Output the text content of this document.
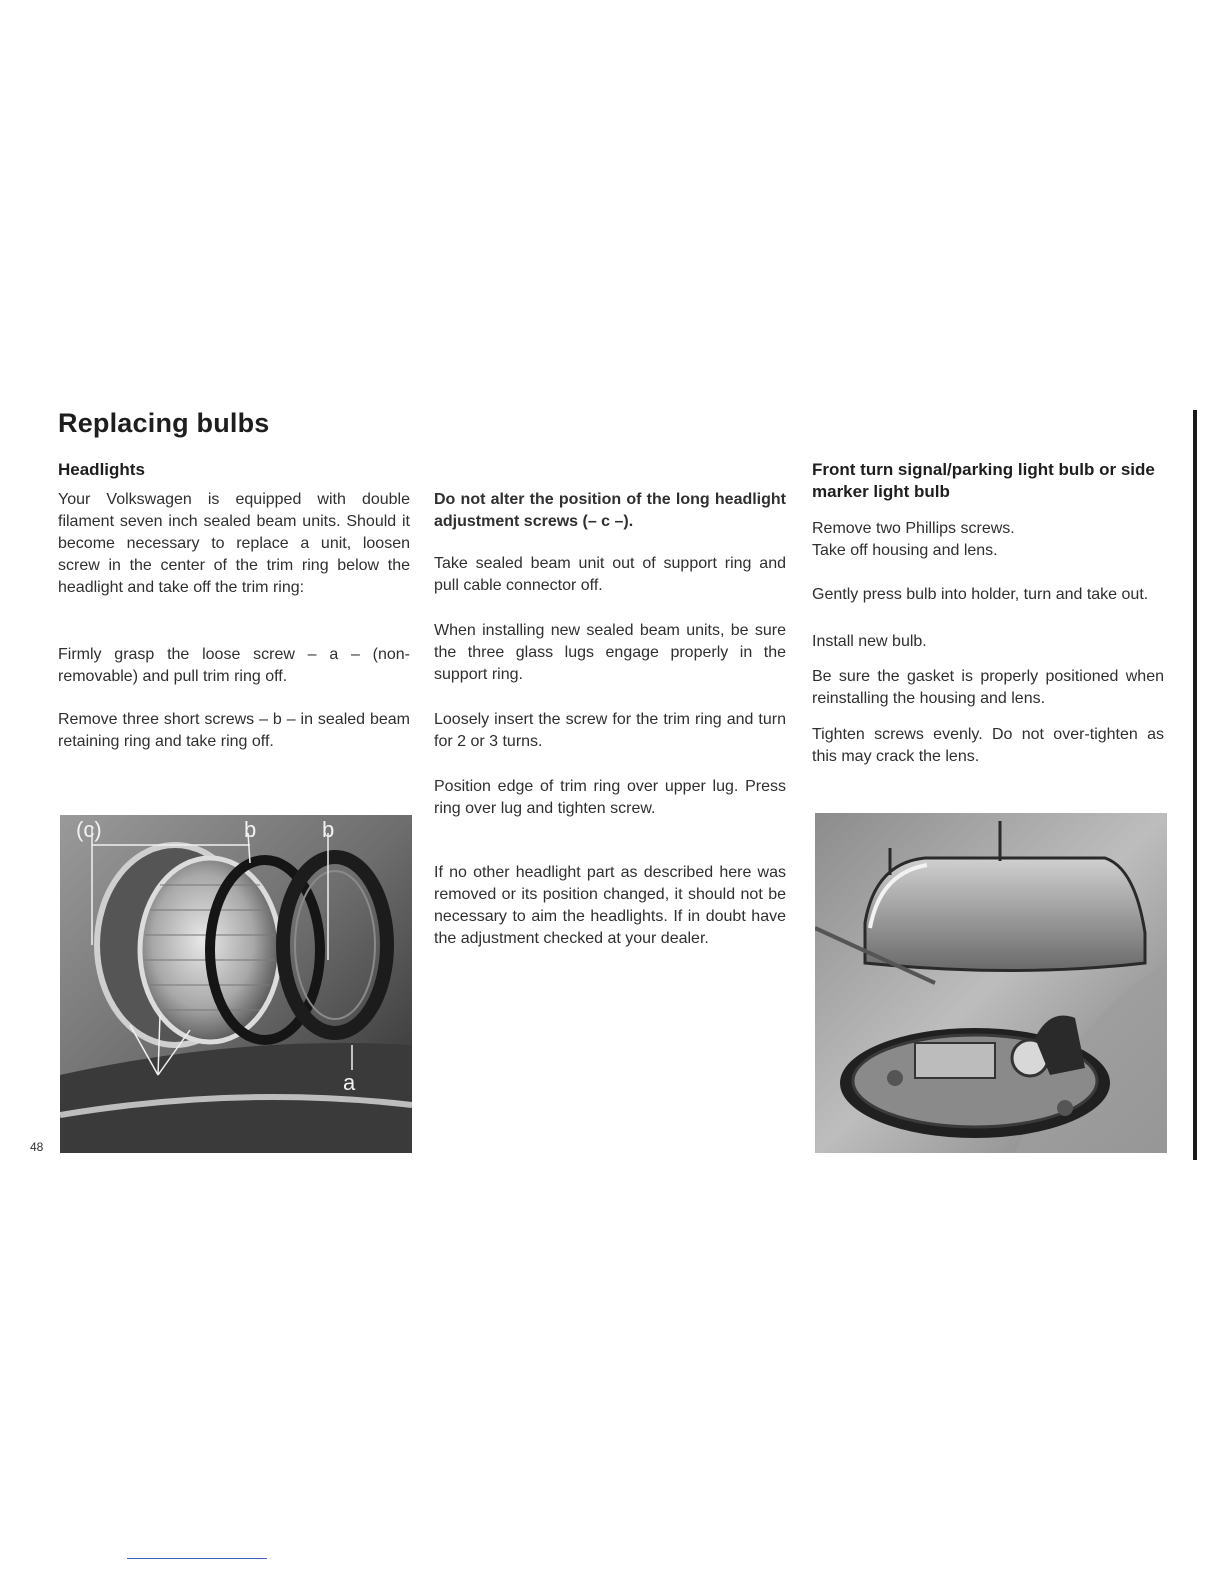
Replacing bulbs
Headlights

Your Volkswagen is equipped with double filament seven inch sealed beam units. Should it become necessary to replace a unit, loosen screw in the center of the trim ring below the headlight and take off the trim ring:

Firmly grasp the loose screw – a – (non-removable) and pull trim ring off.

Remove three short screws – b – in sealed beam retaining ring and take ring off.

(c)	b	b
a
48

Do not alter the position of the long headlight adjustment screws (– c –).

Take sealed beam unit out of support ring and pull cable connector off.

When installing new sealed beam units, be sure the three glass lugs engage properly in the support ring.

Loosely insert the screw for the trim ring and turn for 2 or 3 turns.

Position edge of trim ring over upper lug. Press ring over lug and tighten screw.

If no other headlight part as described here was removed or its position changed, it should not be necessary to aim the headlights. If in doubt have the adjustment checked at your dealer.

Front turn signal/parking light bulb or side marker light bulb

Remove two Phillips screws.
Take off housing and lens.

Gently press bulb into holder, turn and take out.

Install new bulb.

Be sure the gasket is properly positioned when reinstalling the housing and lens.

Tighten screws evenly. Do not over-tighten as this may crack the lens.
